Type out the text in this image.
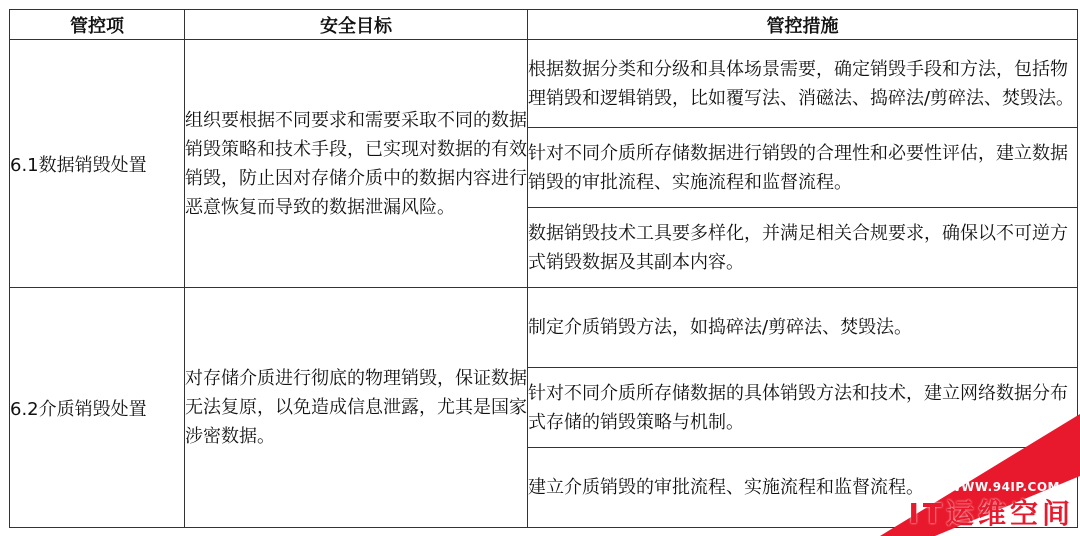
管控项	安全目标	管控措施
6.1数据销毁处置	组织要根据不同要求和需要采取不同的数据销毁策略和技术手段，已实现对数据的有效销毁，防止因对存储介质中的数据内容进行恶意恢复而导致的数据泄漏风险。	根据数据分类和分级和具体场景需要，确定销毁手段和方法，包括物理销毁和逻辑销毁，比如覆写法、消磁法、捣碎法/剪碎法、焚毁法。
		针对不同介质所存储数据进行销毁的合理性和必要性评估，建立数据销毁的审批流程、实施流程和监督流程。
		数据销毁技术工具要多样化，并满足相关合规要求，确保以不可逆方式销毁数据及其副本内容。
6.2介质销毁处置	对存储介质进行彻底的物理销毁，保证数据无法复原，以免造成信息泄露，尤其是国家涉密数据。	制定介质销毁方法，如捣碎法/剪碎法、焚毁法。
		针对不同介质所存储数据的具体销毁方法和技术，建立网络数据分布式存储的销毁策略与机制。
		建立介质销毁的审批流程、实施流程和监督流程。 WWW.94IP.COM
IT运维空间
